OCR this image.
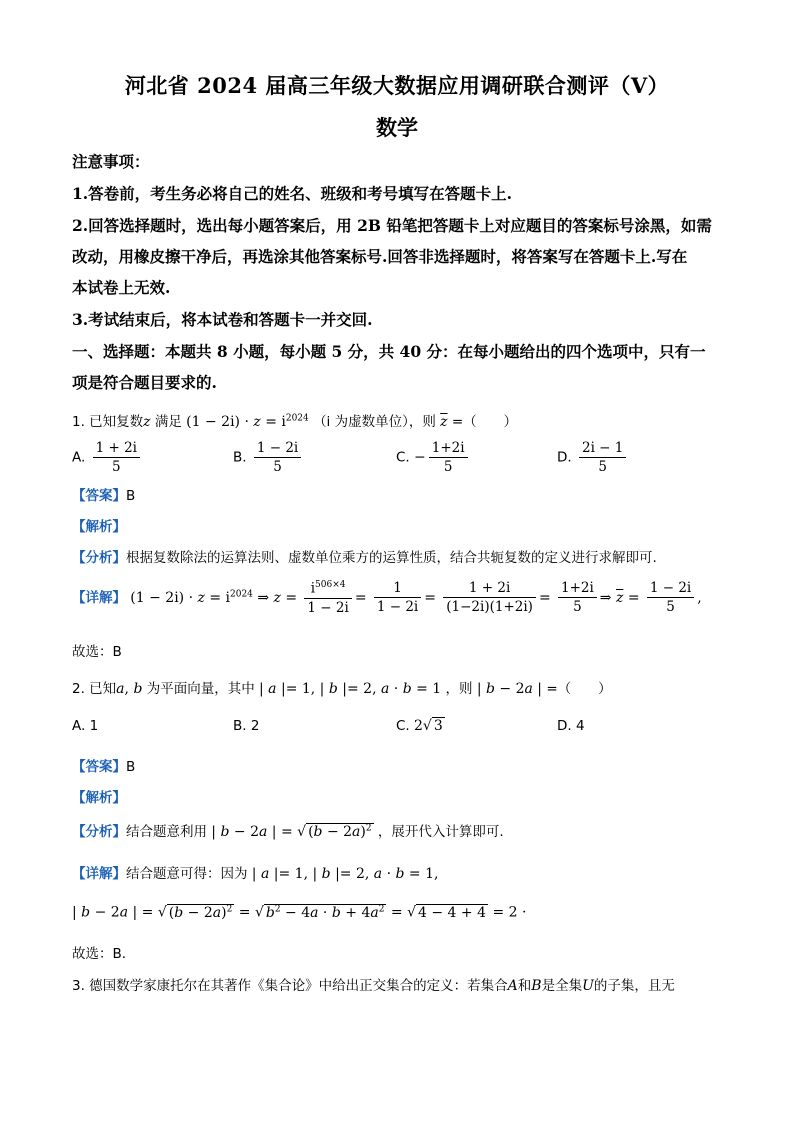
河北省 2024 届高三年级大数据应用调研联合测评（V）
数学
注意事项：
1.答卷前，考生务必将自己的姓名、班级和考号填写在答题卡上.
2.回答选择题时，选出每小题答案后，用 2B 铅笔把答题卡上对应题目的答案标号涂黑，如需
改动，用橡皮擦干净后，再选涂其他答案标号.回答非选择题时，将答案写在答题卡上.写在
本试卷上无效.
3.考试结束后，将本试卷和答题卡一并交回.
一、选择题：本题共 8 小题，每小题 5 分，共 40 分：在每小题给出的四个选项中，只有一
项是符合题目要求的.
1. 已知复数z 满足 $(1 - 2i) \cdot z = i^{2024}$ （i 为虚数单位），则 $\overline{z}$ =（　　）
A. $\frac{1 + 2i}{5}$	B. $\frac{1 - 2i}{5}$	C. − $\frac{1+2i}{5}$	D. $\frac{2i - 1}{5}$
【答案】B
【解析】
【分析】根据复数除法的运算法则、虚数单位乘方的运算性质，结合共轭复数的定义进行求解即可.
【详解】 $(1 - 2i) \cdot z = i^{2024}$ ⇒ $z = \frac{i^{506\times 4}}{1 - 2i} = \frac{1}{1 - 2i} = \frac{1 + 2i}{(1-2i)(1+2i)} = \frac{1+2i}{5}$ ⇒ $\overline{z} = \frac{1 - 2i}{5}$ ,
故选：B
2. 已知a, b 为平面向量，其中 | a |= 1, | b |= 2, a · b = 1 ，则 | b − 2a | =（　　）
A. 1	B. 2	C. 2√ 3	D. 4
【答案】B
【解析】
【分析】结合题意利用 | b − 2a | = √ $(b - 2a)^2$ ，展开代入计算即可.
【详解】结合题意可得：因为 | a |= 1, | b |= 2, a · b = 1,
| b − 2a | = √ $(b - 2a)^2$ = √ $b^2 - 4a \cdot b + 4a^2$ = √ 4 − 4 + 4 = 2 ·
故选：B.
3. 德国数学家康托尔在其著作《集合论》中给出正交集合的定义：若集合A和B是全集U的子集，且无
